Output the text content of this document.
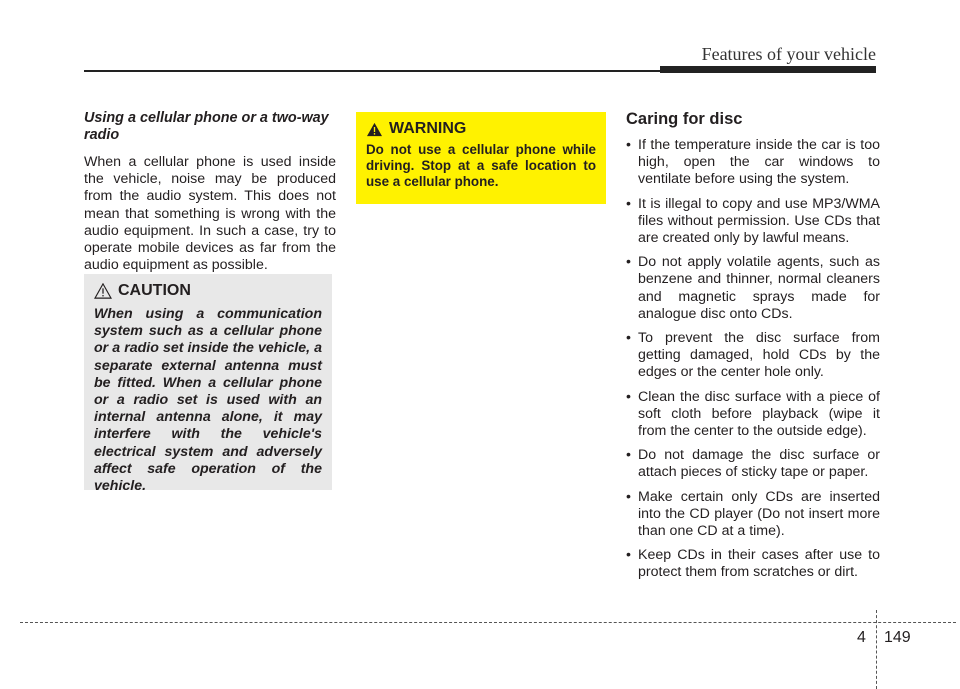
Features of your vehicle

Using a cellular phone or a two-way radio

When a cellular phone is used inside the vehicle, noise may be produced from the audio system. This does not mean that something is wrong with the audio equipment. In such a case, try to operate mobile devices as far from the audio equipment as possible.

CAUTION

When using a communication system such as a cellular phone or a radio set inside the vehicle, a separate external antenna must be fitted. When a cellular phone or a radio set is used with an internal antenna alone, it may interfere with the vehicle's electrical system and adversely affect safe operation of the vehicle.

WARNING

Do not use a cellular phone while driving. Stop at a safe location to use a cellular phone.

Caring for disc

• If the temperature inside the car is too high, open the car windows to ventilate before using the system.
• It is illegal to copy and use MP3/WMA files without permission. Use CDs that are created only by lawful means.
• Do not apply volatile agents, such as benzene and thinner, normal cleaners and magnetic sprays made for analogue disc onto CDs.
• To prevent the disc surface from getting damaged, hold CDs by the edges or the center hole only.
• Clean the disc surface with a piece of soft cloth before playback (wipe it from the center to the outside edge).
• Do not damage the disc surface or attach pieces of sticky tape or paper.
• Make certain only CDs are inserted into the CD player (Do not insert more than one CD at a time).
• Keep CDs in their cases after use to protect them from scratches or dirt.
4 149
